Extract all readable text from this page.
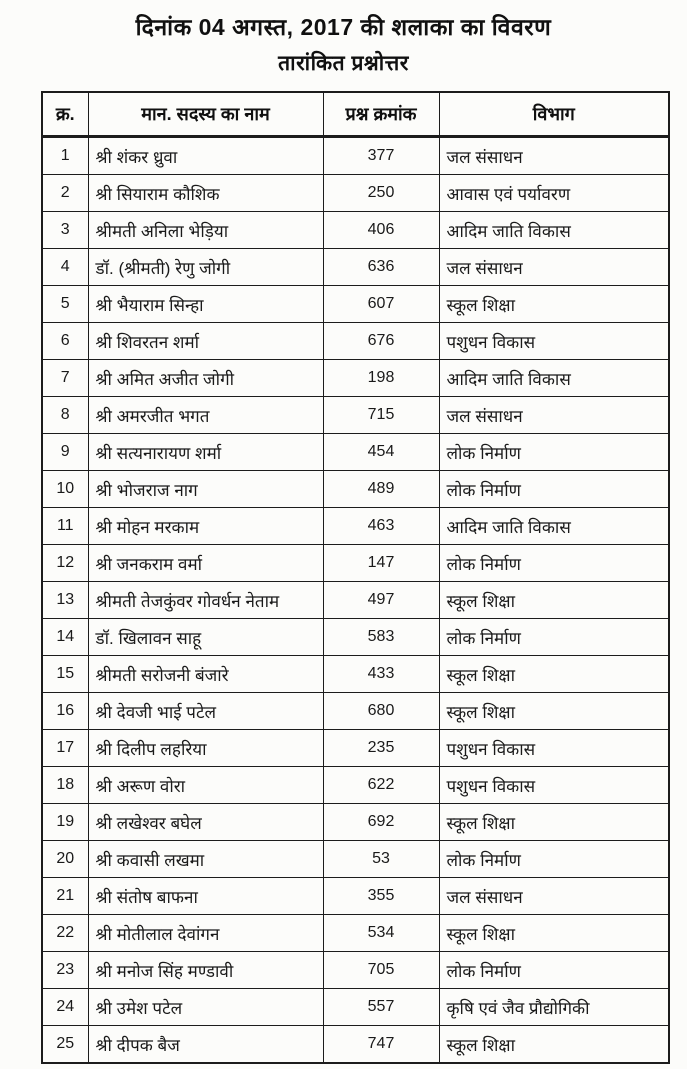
दिनांक 04 अगस्त, 2017 की शलाका का विवरण
तारांकित प्रश्नोत्तर
क्र.	मान. सदस्य का नाम	प्रश्न क्रमांक	विभाग
1	श्री शंकर ध्रुवा	377	जल संसाधन
2	श्री सियाराम कौशिक	250	आवास एवं पर्यावरण
3	श्रीमती अनिला भेड़िया	406	आदिम जाति विकास
4	डॉ. (श्रीमती) रेणु जोगी	636	जल संसाधन
5	श्री भैयाराम सिन्हा	607	स्कूल शिक्षा
6	श्री शिवरतन शर्मा	676	पशुधन विकास
7	श्री अमित अजीत जोगी	198	आदिम जाति विकास
8	श्री अमरजीत भगत	715	जल संसाधन
9	श्री सत्यनारायण शर्मा	454	लोक निर्माण
10	श्री भोजराज नाग	489	लोक निर्माण
11	श्री मोहन मरकाम	463	आदिम जाति विकास
12	श्री जनकराम वर्मा	147	लोक निर्माण
13	श्रीमती तेजकुंवर गोवर्धन नेताम	497	स्कूल शिक्षा
14	डॉ. खिलावन साहू	583	लोक निर्माण
15	श्रीमती सरोजनी बंजारे	433	स्कूल शिक्षा
16	श्री देवजी भाई पटेल	680	स्कूल शिक्षा
17	श्री दिलीप लहरिया	235	पशुधन विकास
18	श्री अरूण वोरा	622	पशुधन विकास
19	श्री लखेश्वर बघेल	692	स्कूल शिक्षा
20	श्री कवासी लखमा	53	लोक निर्माण
21	श्री संतोष बाफना	355	जल संसाधन
22	श्री मोतीलाल देवांगन	534	स्कूल शिक्षा
23	श्री मनोज सिंह मण्डावी	705	लोक निर्माण
24	श्री उमेश पटेल	557	कृषि एवं जैव प्रौद्योगिकी
25	श्री दीपक बैज	747	स्कूल शिक्षा
